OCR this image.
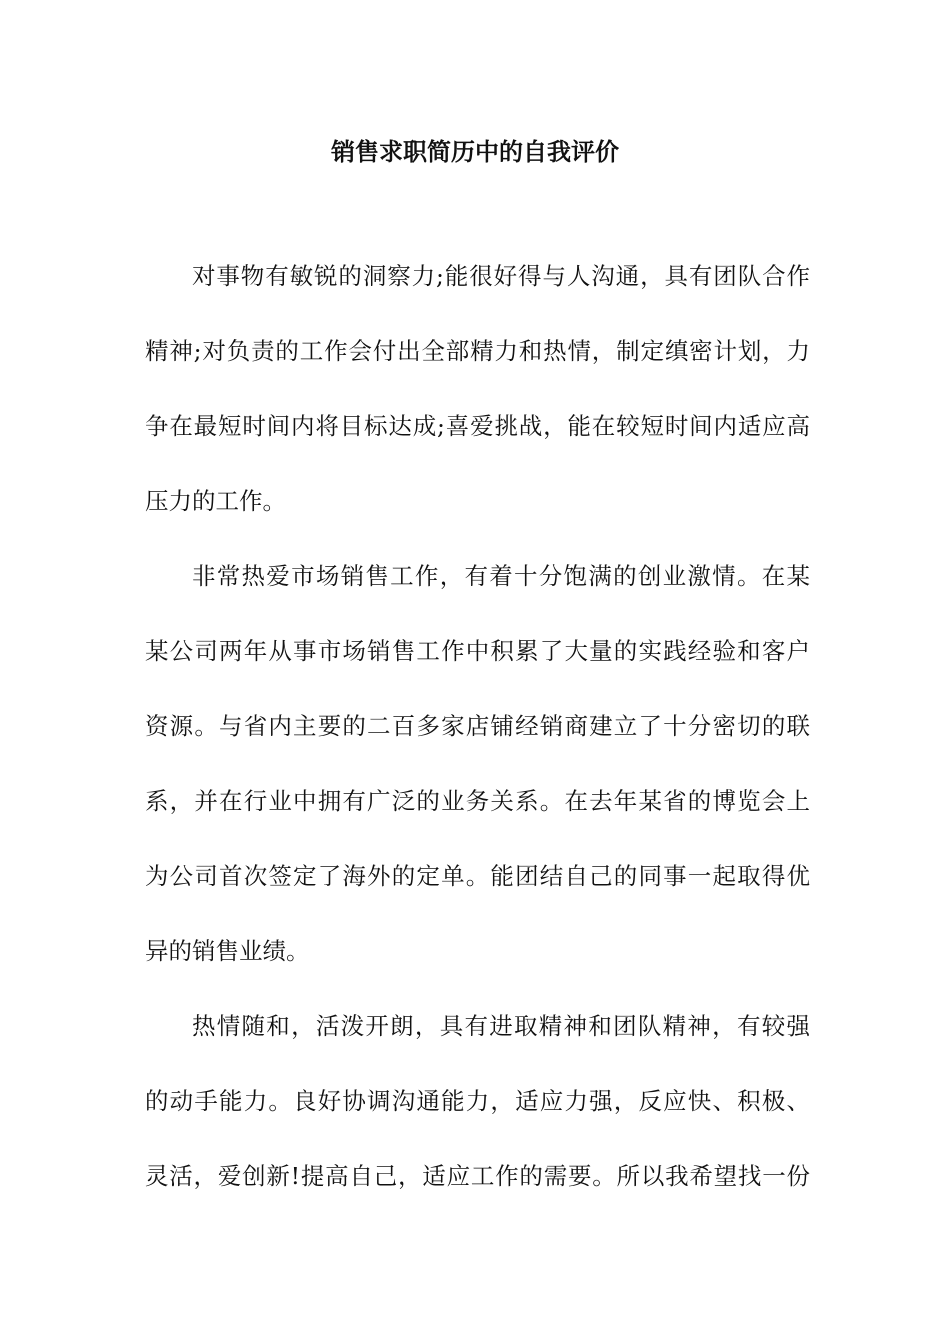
销售求职简历中的自我评价

对事物有敏锐的洞察力;能很好得与人沟通，具有团队合作

精神;对负责的工作会付出全部精力和热情，制定缜密计划，力

争在最短时间内将目标达成;喜爱挑战，能在较短时间内适应高

压力的工作。

非常热爱市场销售工作，有着十分饱满的创业激情。在某

某公司两年从事市场销售工作中积累了大量的实践经验和客户

资源。与省内主要的二百多家店铺经销商建立了十分密切的联

系，并在行业中拥有广泛的业务关系。在去年某省的博览会上

为公司首次签定了海外的定单。能团结自己的同事一起取得优

异的销售业绩。

热情随和，活泼开朗，具有进取精神和团队精神，有较强

的动手能力。良好协调沟通能力，适应力强，反应快、积极、

灵活，爱创新!提高自己，适应工作的需要。所以我希望找一份
